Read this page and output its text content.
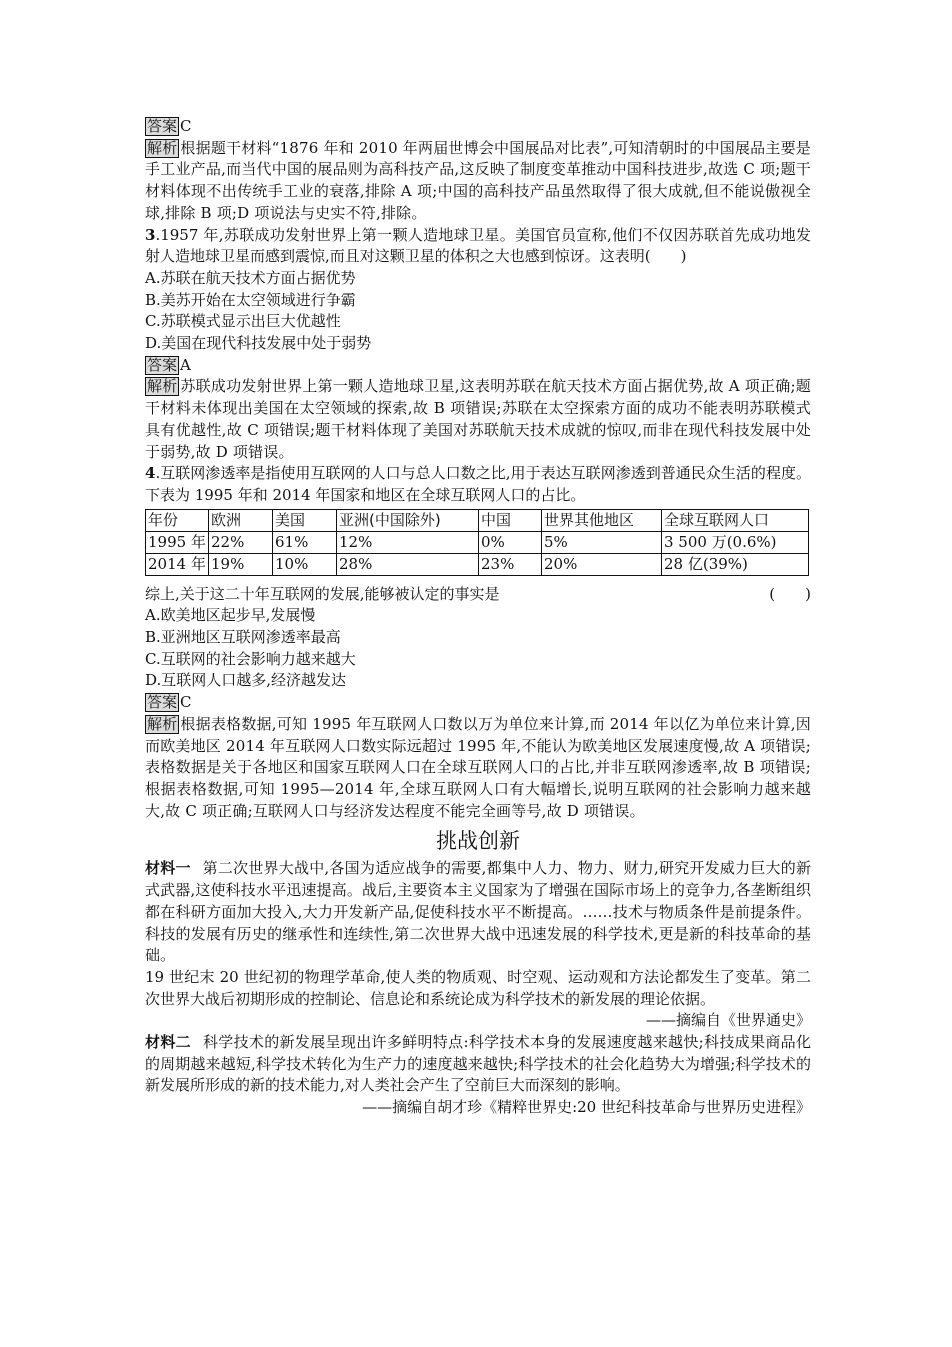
答案 C
解析 根据题干材料“1876 年和 2010 年两届世博会中国展品对比表”,可知清朝时的中国展品主要是手工业产品,而当代中国的展品则为高科技产品,这反映了制度变革推动中国科技进步,故选 C 项;题干材料体现不出传统手工业的衰落,排除 A 项;中国的高科技产品虽然取得了很大成就,但不能说傲视全球,排除 B 项;D 项说法与史实不符,排除。
3.1957 年,苏联成功发射世界上第一颗人造地球卫星。美国官员宣称,他们不仅因苏联首先成功地发射人造地球卫星而感到震惊,而且对这颗卫星的体积之大也感到惊讶。这表明(　　)
A.苏联在航天技术方面占据优势
B.美苏开始在太空领域进行争霸
C.苏联模式显示出巨大优越性
D.美国在现代科技发展中处于弱势
答案 A
解析 苏联成功发射世界上第一颗人造地球卫星,这表明苏联在航天技术方面占据优势,故 A 项正确;题干材料未体现出美国在太空领域的探索,故 B 项错误;苏联在太空探索方面的成功不能表明苏联模式具有优越性,故 C 项错误;题干材料体现了美国对苏联航天技术成就的惊叹,而非在现代科技发展中处于弱势,故 D 项错误。
4.互联网渗透率是指使用互联网的人口与总人口数之比,用于表达互联网渗透到普通民众生活的程度。下表为 1995 年和 2014 年国家和地区在全球互联网人口的占比。
年份	欧洲	美国	亚洲(中国除外)	中国	世界其他地区	全球互联网人口
1995 年	22%	61%	12%	0%	5%	3 500 万(0.6%)
2014 年	19%	10%	28%	23%	20%	28 亿(39%)
综上,关于这二十年互联网的发展,能够被认定的事实是	(　　)
A.欧美地区起步早,发展慢
B.亚洲地区互联网渗透率最高
C.互联网的社会影响力越来越大
D.互联网人口越多,经济越发达
答案 C
解析 根据表格数据,可知 1995 年互联网人口数以万为单位来计算,而 2014 年以亿为单位来计算,因而欧美地区 2014 年互联网人口数实际远超过 1995 年,不能认为欧美地区发展速度慢,故 A 项错误;表格数据是关于各地区和国家互联网人口在全球互联网人口的占比,并非互联网渗透率,故 B 项错误;根据表格数据,可知 1995—2014 年,全球互联网人口有大幅增长,说明互联网的社会影响力越来越大,故 C 项正确;互联网人口与经济发达程度不能完全画等号,故 D 项错误。
挑战创新
材料一 第二次世界大战中,各国为适应战争的需要,都集中人力、物力、财力,研究开发威力巨大的新式武器,这使科技水平迅速提高。战后,主要资本主义国家为了增强在国际市场上的竞争力,各垄断组织都在科研方面加大投入,大力开发新产品,促使科技水平不断提高。……技术与物质条件是前提条件。科技的发展有历史的继承性和连续性,第二次世界大战中迅速发展的科学技术,更是新的科技革命的基础。
19 世纪末 20 世纪初的物理学革命,使人类的物质观、时空观、运动观和方法论都发生了变革。第二次世界大战后初期形成的控制论、信息论和系统论成为科学技术的新发展的理论依据。
——摘编自《世界通史》
材料二 科学技术的新发展呈现出许多鲜明特点:科学技术本身的发展速度越来越快;科技成果商品化的周期越来越短,科学技术转化为生产力的速度越来越快;科学技术的社会化趋势大为增强;科学技术的新发展所形成的新的技术能力,对人类社会产生了空前巨大而深刻的影响。
——摘编自胡才珍《精粹世界史:20 世纪科技革命与世界历史进程》
